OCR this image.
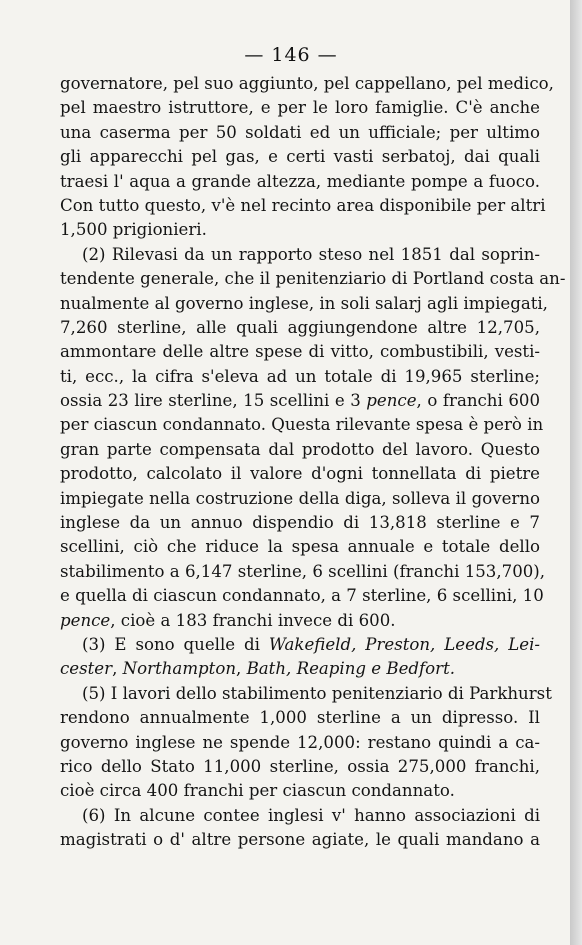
— 146 —
governatore, pel suo aggiunto, pel cappellano, pel medico,
pel maestro istruttore, e per le loro famiglie. C'è anche
una caserma per 50 soldati ed un ufficiale; per ultimo
gli apparecchi pel gas, e certi vasti serbatoj, dai quali
traesi l' aqua a grande altezza, mediante pompe a fuoco.
Con tutto questo, v'è nel recinto area disponibile per altri
1,500 prigionieri.
(2) Rilevasi da un rapporto steso nel 1851 dal soprin-
tendente generale, che il penitenziario di Portland costa an-
nualmente al governo inglese, in soli salarj agli impiegati,
7,260 sterline, alle quali aggiungendone altre 12,705,
ammontare delle altre spese di vitto, combustibili, vesti-
ti, ecc., la cifra s'eleva ad un totale di 19,965 sterline;
ossia 23 lire sterline, 15 scellini e 3 pence, o franchi 600
per ciascun condannato. Questa rilevante spesa è però in
gran parte compensata dal prodotto del lavoro. Questo
prodotto, calcolato il valore d'ogni tonnellata di pietre
impiegate nella costruzione della diga, solleva il governo
inglese da un annuo dispendio di 13,818 sterline e 7
scellini, ciò che riduce la spesa annuale e totale dello
stabilimento a 6,147 sterline, 6 scellini (franchi 153,700),
e quella di ciascun condannato, a 7 sterline, 6 scellini, 10
pence, cioè a 183 franchi invece di 600.
(3) E sono quelle di Wakefield, Preston, Leeds, Lei-
cester, Northampton, Bath, Reaping e Bedfort.
(5) I lavori dello stabilimento penitenziario di Parkhurst
rendono annualmente 1,000 sterline a un dipresso. Il
governo inglese ne spende 12,000: restano quindi a ca-
rico dello Stato 11,000 sterline, ossia 275,000 franchi,
cioè circa 400 franchi per ciascun condannato.
(6) In alcune contee inglesi v' hanno associazioni di
magistrati o d' altre persone agiate, le quali mandano a
